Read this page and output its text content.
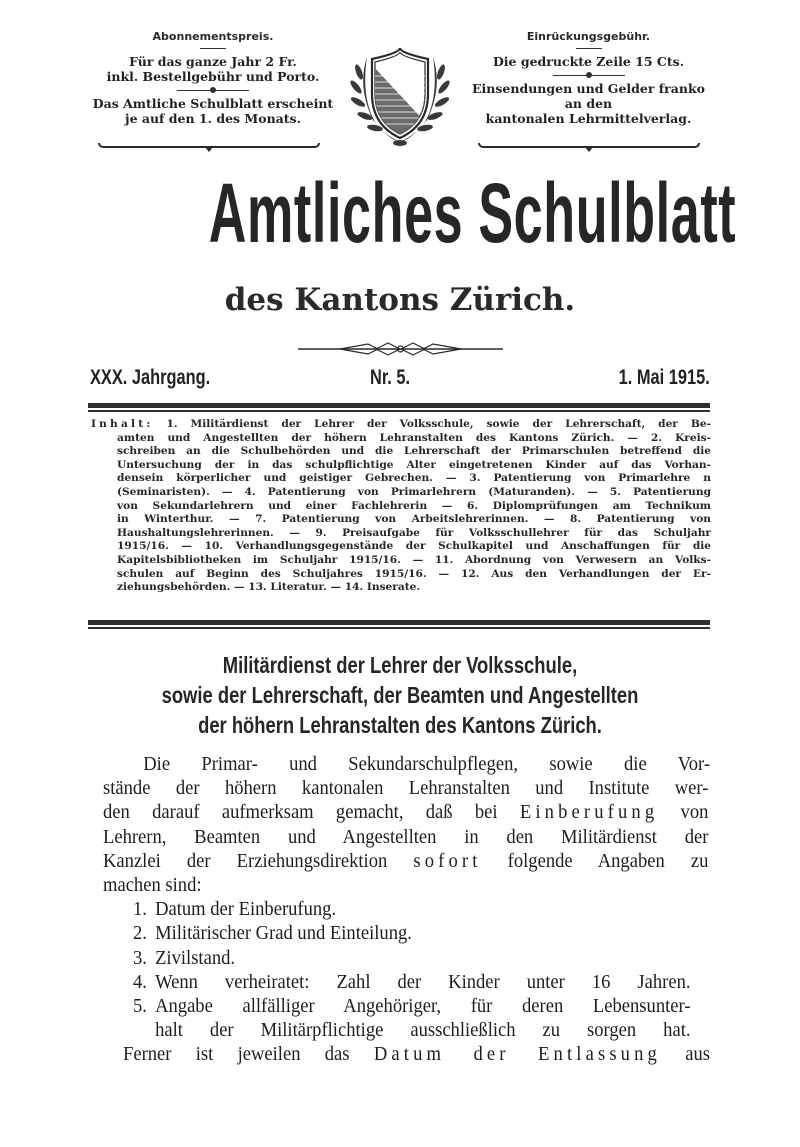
Abonnementspreis.
Für das ganze Jahr 2 Fr.
inkl. Bestellgebühr und Porto.
Das Amtliche Schulblatt erscheint
je auf den 1. des Monats.
Einrückungsgebühr.
Die gedruckte Zeile 15 Cts.
Einsendungen und Gelder franko
an den
kantonalen Lehrmittelverlag.
Amtliches Schulblatt
des Kantons Zürich.
XXX. Jahrgang.	Nr. 5.	1. Mai 1915.
Inhalt: 1. Militärdienst der Lehrer der Volksschule, sowie der Lehrerschaft, der Be-
amten und Angestellten der höhern Lehranstalten des Kantons Zürich. — 2. Kreis-
schreiben an die Schulbehörden und die Lehrerschaft der Primarschulen betreffend die
Untersuchung der in das schulpflichtige Alter eingetretenen Kinder auf das Vorhan-
densein körperlicher und geistiger Gebrechen. — 3. Patentierung von Primarlehre n
(Seminaristen). — 4. Patentierung von Primarlehrern (Maturanden). — 5. Patentierung
von Sekundarlehrern und einer Fachlehrerin — 6. Diplomprüfungen am Technikum
in Winterthur. — 7. Patentierung von Arbeitslehrerinnen. — 8. Patentierung von
Haushaltungslehrerinnen. — 9. Preisaufgabe für Volksschullehrer für das Schuljahr
1915/16. — 10. Verhandlungsgegenstände der Schulkapitel und Anschaffungen für die
Kapitelsbibliotheken im Schuljahr 1915/16. — 11. Abordnung von Verwesern an Volks-
schulen auf Beginn des Schuljahres 1915/16. — 12. Aus den Verhandlungen der Er-
ziehungsbehörden. — 13. Literatur. — 14. Inserate.
Militärdienst der Lehrer der Volksschule,
sowie der Lehrerschaft, der Beamten und Angestellten
der höhern Lehranstalten des Kantons Zürich.
Die Primar- und Sekundarschulpflegen, sowie die Vor-
stände der höhern kantonalen Lehranstalten und Institute wer-
den darauf aufmerksam gemacht, daß bei Einberufung von
Lehrern, Beamten und Angestellten in den Militärdienst der
Kanzlei der Erziehungsdirektion sofort folgende Angaben zu
machen sind:
1. Datum der Einberufung.
2. Militärischer Grad und Einteilung.
3. Zivilstand.
4. Wenn verheiratet: Zahl der Kinder unter 16 Jahren.
5. Angabe allfälliger Angehöriger, für deren Lebensunter-
halt der Militärpflichtige ausschließlich zu sorgen hat.
Ferner ist jeweilen das Datum der Entlassung aus
